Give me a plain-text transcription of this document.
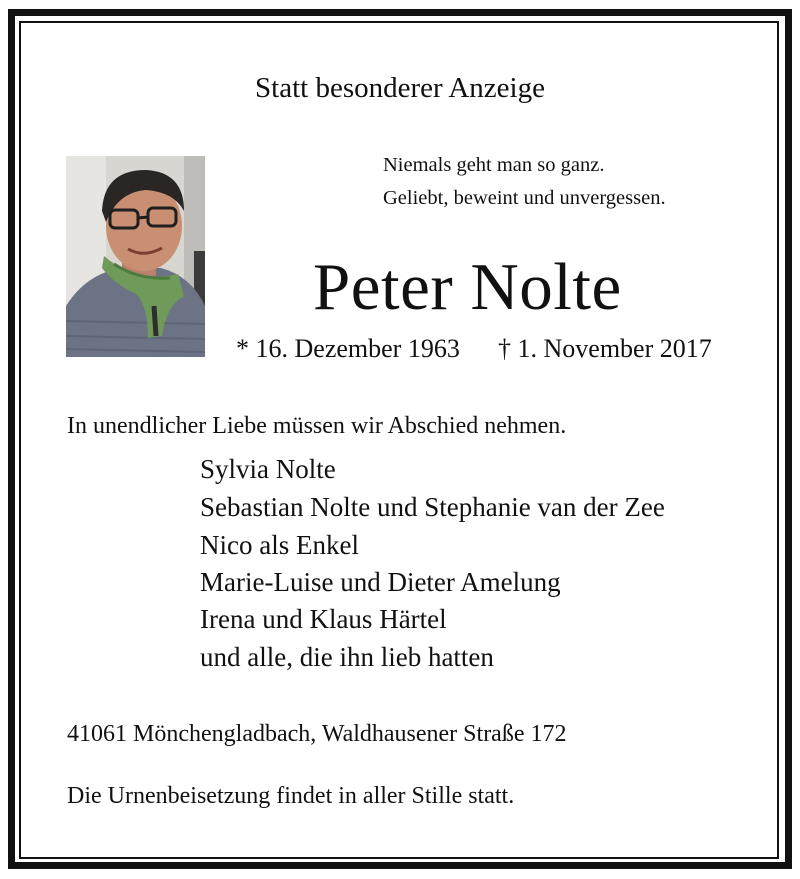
Statt besonderer Anzeige
Niemals geht man so ganz.
Geliebt, beweint und unvergessen.
Peter Nolte
* 16. Dezember 1963 † 1. November 2017
In unendlicher Liebe müssen wir Abschied nehmen.
Sylvia Nolte
Sebastian Nolte und Stephanie van der Zee
Nico als Enkel
Marie-Luise und Dieter Amelung
Irena und Klaus Härtel
und alle, die ihn lieb hatten
41061 Mönchengladbach, Waldhausener Straße 172
Die Urnenbeisetzung findet in aller Stille statt.
